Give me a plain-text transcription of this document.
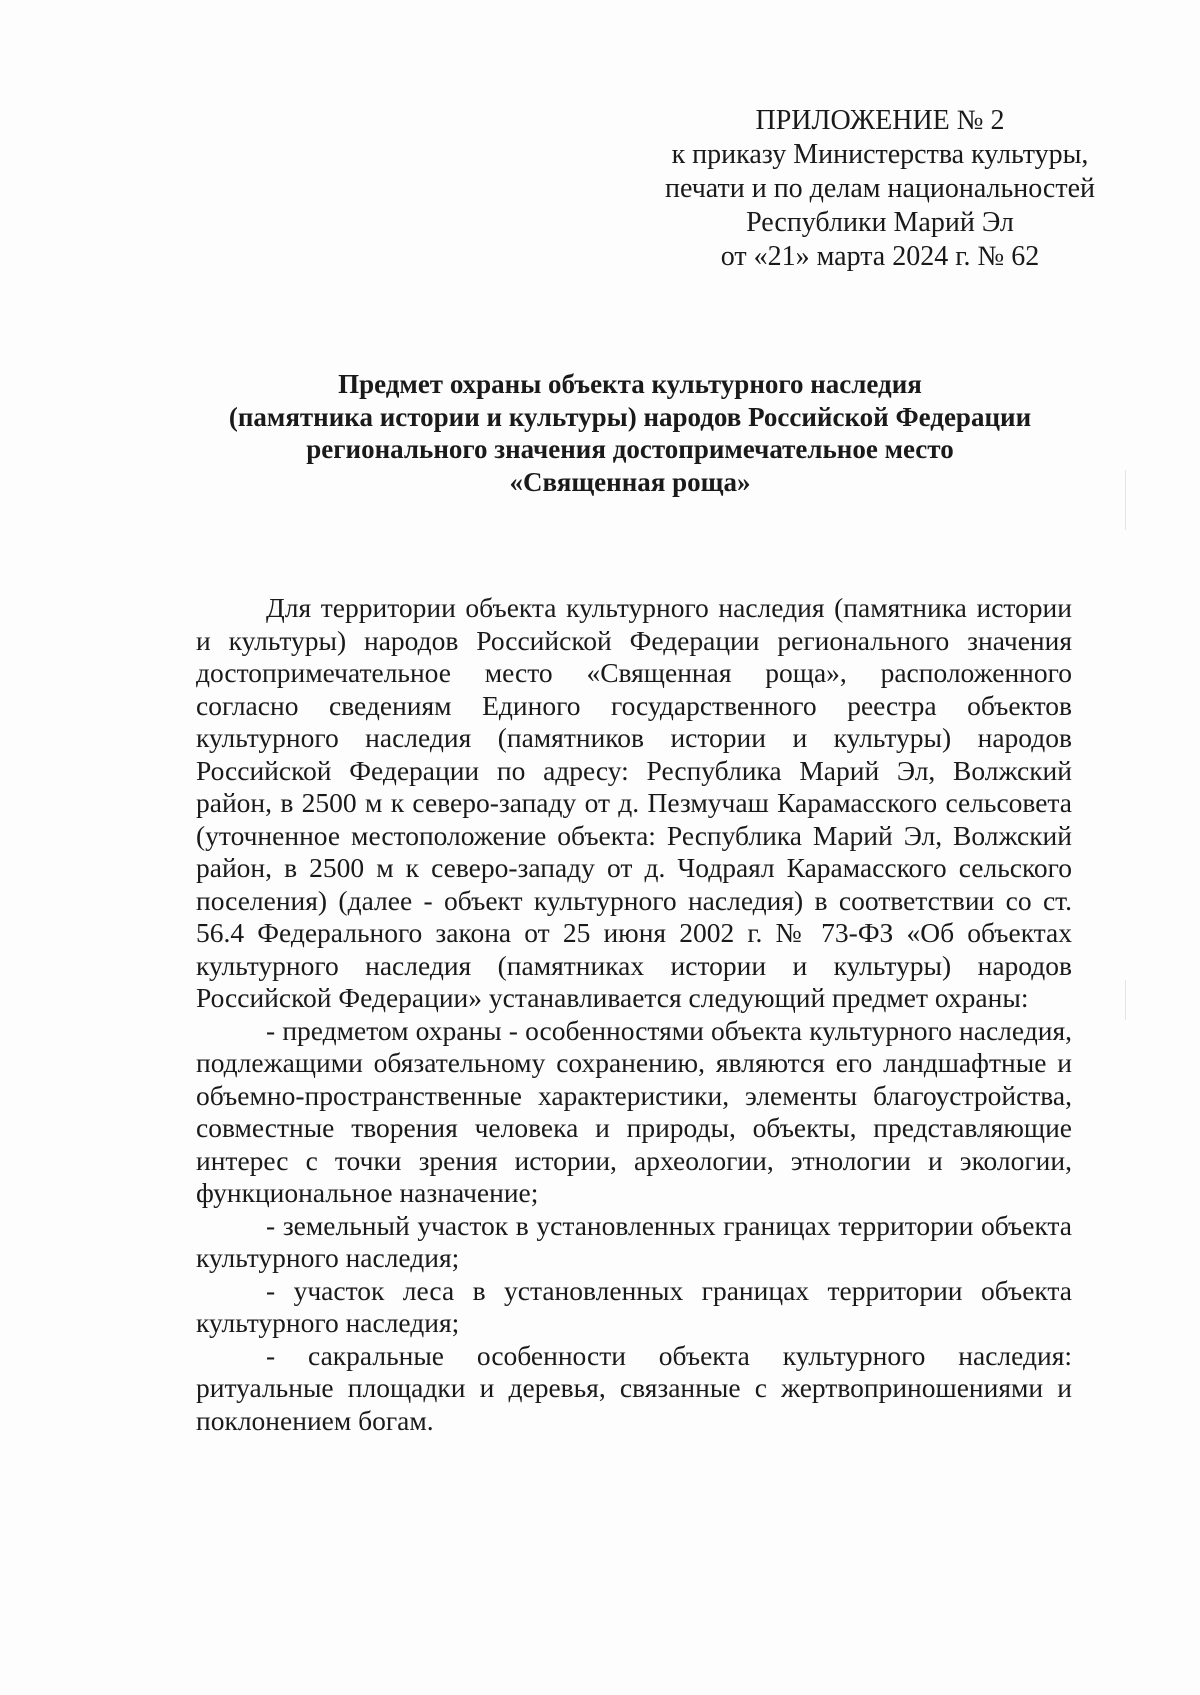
ПРИЛОЖЕНИЕ № 2
к приказу Министерства культуры,
печати и по делам национальностей
Республики Марий Эл
от «21» марта 2024 г. № 62
Предмет охраны объекта культурного наследия
(памятника истории и культуры) народов Российской Федерации
регионального значения достопримечательное место
«Священная роща»

Для территории объекта культурного наследия (памятника истории и культуры) народов Российской Федерации регионального значения достопримечательное место «Священная роща», расположенного согласно сведениям Единого государственного реестра объектов культурного наследия (памятников истории и культуры) народов Российской Федерации по адресу: Республика Марий Эл, Волжский район, в 2500 м к северо-западу от д. Пезмучаш Карамасского сельсовета (уточненное местоположение объекта: Республика Марий Эл, Волжский район, в 2500 м к северо-западу от д. Чодраял Карамасского сельского поселения) (далее - объект культурного наследия) в соответствии со ст. 56.4 Федерального закона от 25 июня 2002 г. № 73-ФЗ «Об объектах культурного наследия (памятниках истории и культуры) народов Российской Федерации» устанавливается следующий предмет охраны:

- предметом охраны - особенностями объекта культурного наследия, подлежащими обязательному сохранению, являются его ландшафтные и объемно-пространственные характеристики, элементы благоустройства, совместные творения человека и природы, объекты, представляющие интерес с точки зрения истории, археологии, этнологии и экологии, функциональное назначение;

- земельный участок в установленных границах территории объекта культурного наследия;

- участок леса в установленных границах территории объекта культурного наследия;

- сакральные особенности объекта культурного наследия: ритуальные площадки и деревья, связанные с жертвоприношениями и поклонением богам.
